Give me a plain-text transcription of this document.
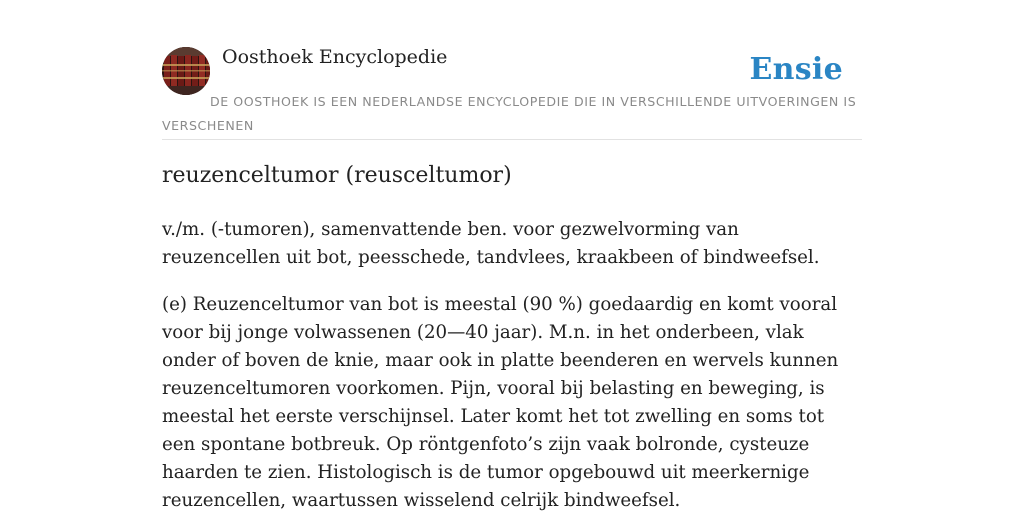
Oosthoek Encyclopedie	Ensie
DE OOSTHOEK IS EEN NEDERLANDSE ENCYCLOPEDIE DIE IN VERSCHILLENDE UITVOERINGEN IS VERSCHENEN
reuzenceltumor (reusceltumor)

v./m. (-tumoren), samenvattende ben. voor gezwelvorming van reuzencellen uit bot, peesschede, tandvlees, kraakbeen of bindweefsel.

(e) Reuzenceltumor van bot is meestal (90 %) goedaardig en komt vooral voor bij jonge volwassenen (20—40 jaar). M.n. in het onderbeen, vlak onder of boven de knie, maar ook in platte beenderen en wervels kunnen reuzenceltumoren voorkomen. Pijn, vooral bij belasting en beweging, is meestal het eerste verschijnsel. Later komt het tot zwelling en soms tot een spontane botbreuk. Op röntgenfoto’s zijn vaak bolronde, cysteuze haarden te zien. Histologisch is de tumor opgebouwd uit meerkernige reuzencellen, waartussen wisselend celrijk bindweefsel.
